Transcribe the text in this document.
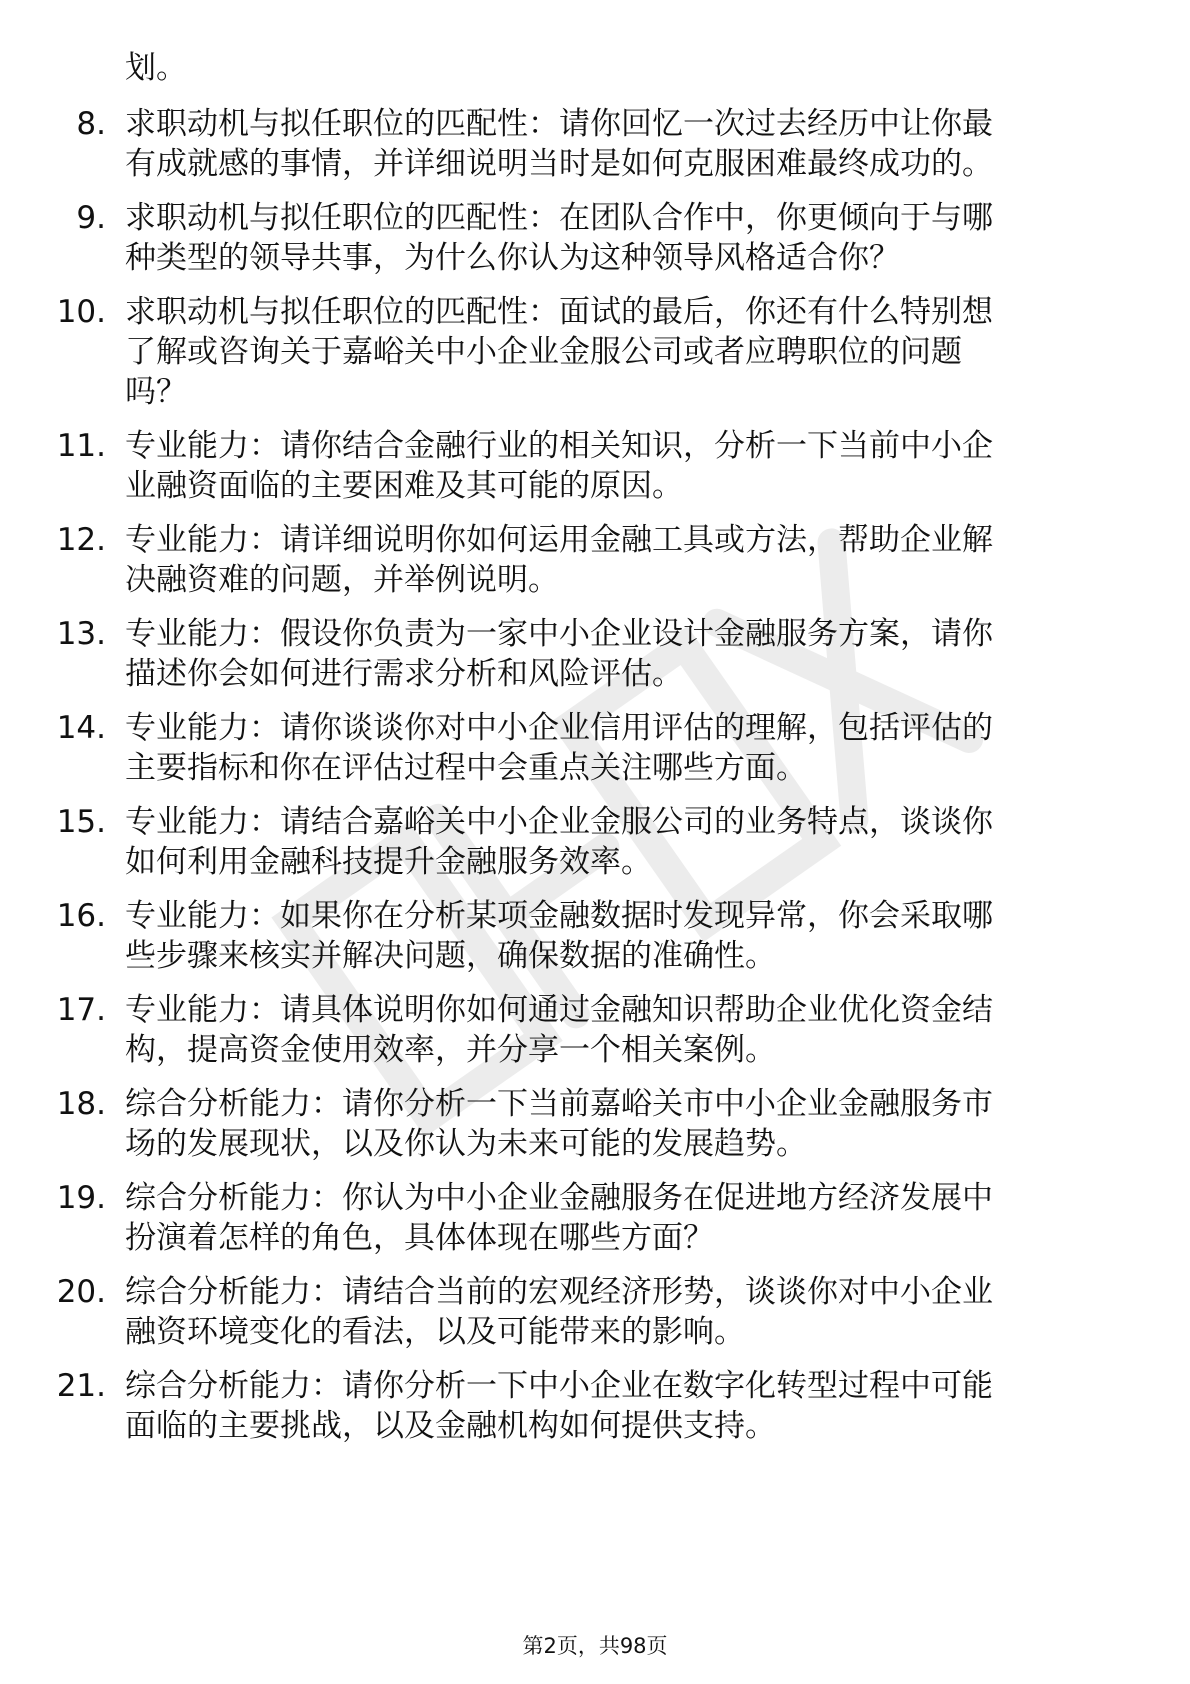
划。
8. 求职动机与拟任职位的匹配性：请你回忆一次过去经历中让你最
有成就感的事情，并详细说明当时是如何克服困难最终成功的。
9. 求职动机与拟任职位的匹配性：在团队合作中，你更倾向于与哪
种类型的领导共事，为什么你认为这种领导风格适合你？
10. 求职动机与拟任职位的匹配性：面试的最后，你还有什么特别想
了解或咨询关于嘉峪关中小企业金服公司或者应聘职位的问题
吗？
11. 专业能力：请你结合金融行业的相关知识，分析一下当前中小企
业融资面临的主要困难及其可能的原因。
12. 专业能力：请详细说明你如何运用金融工具或方法，帮助企业解
决融资难的问题，并举例说明。
13. 专业能力：假设你负责为一家中小企业设计金融服务方案，请你
描述你会如何进行需求分析和风险评估。
14. 专业能力：请你谈谈你对中小企业信用评估的理解，包括评估的
主要指标和你在评估过程中会重点关注哪些方面。
15. 专业能力：请结合嘉峪关中小企业金服公司的业务特点，谈谈你
如何利用金融科技提升金融服务效率。
16. 专业能力：如果你在分析某项金融数据时发现异常，你会采取哪
些步骤来核实并解决问题，确保数据的准确性。
17. 专业能力：请具体说明你如何通过金融知识帮助企业优化资金结
构，提高资金使用效率，并分享一个相关案例。
18. 综合分析能力：请你分析一下当前嘉峪关市中小企业金融服务市
场的发展现状，以及你认为未来可能的发展趋势。
19. 综合分析能力：你认为中小企业金融服务在促进地方经济发展中
扮演着怎样的角色，具体体现在哪些方面？
20. 综合分析能力：请结合当前的宏观经济形势，谈谈你对中小企业
融资环境变化的看法，以及可能带来的影响。
21. 综合分析能力：请你分析一下中小企业在数字化转型过程中可能
面临的主要挑战，以及金融机构如何提供支持。
第2页，共98页
